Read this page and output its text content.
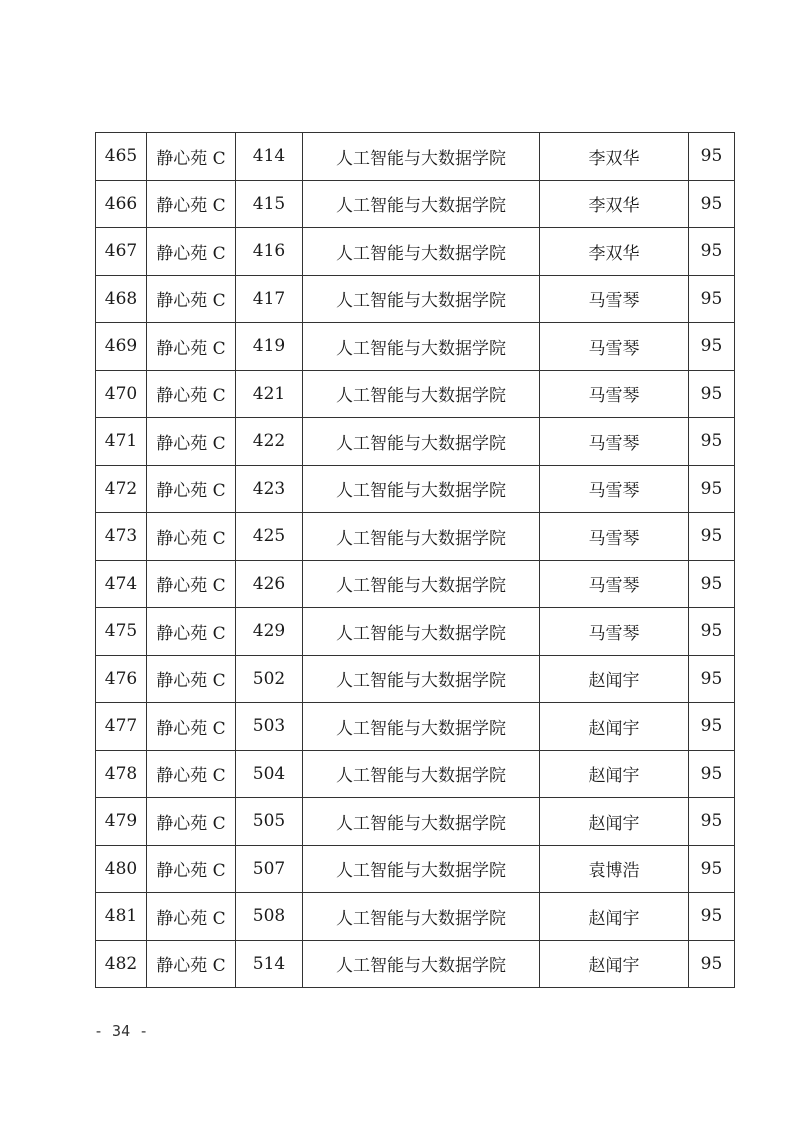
465	静心苑 C	414	人工智能与大数据学院	李双华	95
466	静心苑 C	415	人工智能与大数据学院	李双华	95
467	静心苑 C	416	人工智能与大数据学院	李双华	95
468	静心苑 C	417	人工智能与大数据学院	马雪琴	95
469	静心苑 C	419	人工智能与大数据学院	马雪琴	95
470	静心苑 C	421	人工智能与大数据学院	马雪琴	95
471	静心苑 C	422	人工智能与大数据学院	马雪琴	95
472	静心苑 C	423	人工智能与大数据学院	马雪琴	95
473	静心苑 C	425	人工智能与大数据学院	马雪琴	95
474	静心苑 C	426	人工智能与大数据学院	马雪琴	95
475	静心苑 C	429	人工智能与大数据学院	马雪琴	95
476	静心苑 C	502	人工智能与大数据学院	赵闻宇	95
477	静心苑 C	503	人工智能与大数据学院	赵闻宇	95
478	静心苑 C	504	人工智能与大数据学院	赵闻宇	95
479	静心苑 C	505	人工智能与大数据学院	赵闻宇	95
480	静心苑 C	507	人工智能与大数据学院	袁博浩	95
481	静心苑 C	508	人工智能与大数据学院	赵闻宇	95
482	静心苑 C	514	人工智能与大数据学院	赵闻宇	95
- 34 -
